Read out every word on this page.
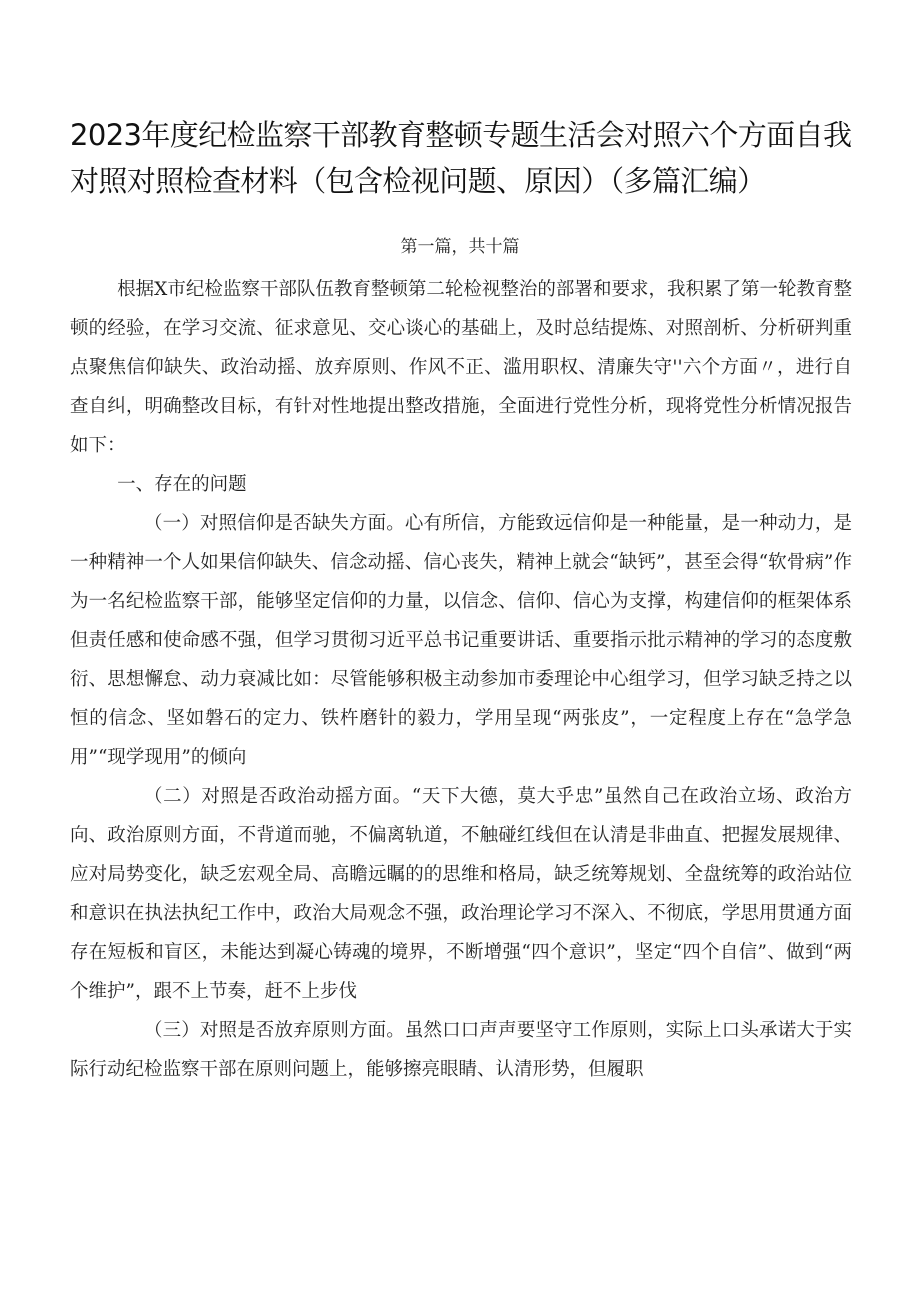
2023年度纪检监察干部教育整顿专题生活会对照六个方面自我对照对照检查材料（包含检视问题、原因）（多篇汇编）
第一篇，共十篇

根据X市纪检监察干部队伍教育整顿第二轮检视整治的部署和要求，我积累了第一轮教育整顿的经验，在学习交流、征求意见、交心谈心的基础上，及时总结提炼、对照剖析、分析研判重点聚焦信仰缺失、政治动摇、放弃原则、作风不正、滥用职权、清廉失守''六个方面〃，进行自查自纠，明确整改目标，有针对性地提出整改措施，全面进行党性分析，现将党性分析情况报告如下：

一、存在的问题

（一）对照信仰是否缺失方面。心有所信，方能致远信仰是一种能量，是一种动力，是一种精神一个人如果信仰缺失、信念动摇、信心丧失，精神上就会“缺钙”，甚至会得“软骨病”作为一名纪检监察干部，能够坚定信仰的力量，以信念、信仰、信心为支撑，构建信仰的框架体系但责任感和使命感不强，但学习贯彻习近平总书记重要讲话、重要指示批示精神的学习的态度敷衍、思想懈怠、动力衰减比如：尽管能够积极主动参加市委理论中心组学习，但学习缺乏持之以恒的信念、坚如磐石的定力、铁杵磨针的毅力，学用呈现“两张皮”，一定程度上存在“急学急用”“现学现用”的倾向

（二）对照是否政治动摇方面。“天下大德，莫大乎忠”虽然自己在政治立场、政治方向、政治原则方面，不背道而驰，不偏离轨道，不触碰红线但在认清是非曲直、把握发展规律、应对局势变化，缺乏宏观全局、高瞻远瞩的的思维和格局，缺乏统筹规划、全盘统筹的政治站位和意识在执法执纪工作中，政治大局观念不强，政治理论学习不深入、不彻底，学思用贯通方面存在短板和盲区，未能达到凝心铸魂的境界，不断增强“四个意识”，坚定“四个自信”、做到“两个维护”，跟不上节奏，赶不上步伐

（三）对照是否放弃原则方面。虽然口口声声要坚守工作原则，实际上口头承诺大于实际行动纪检监察干部在原则问题上，能够擦亮眼睛、认清形势，但履职
